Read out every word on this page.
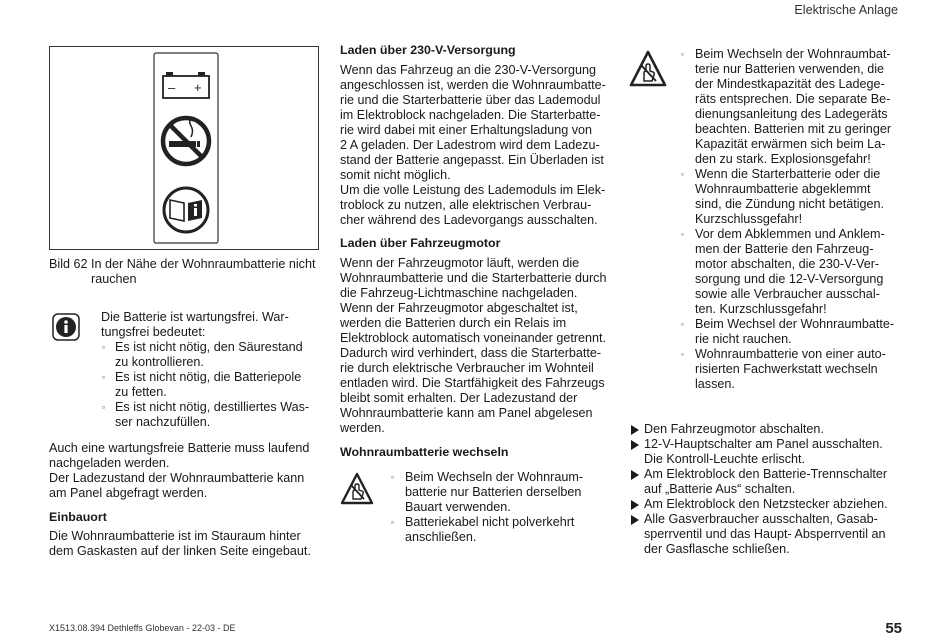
Elektrische Anlage
– +
Bild 62 In der Nähe der Wohnraumbatterie nicht
rauchen
Die Batterie ist wartungsfrei. War-
tungsfrei bedeutet:
▫ Es ist nicht nötig, den Säurestand
zu kontrollieren.
▫ Es ist nicht nötig, die Batteriepole
zu fetten.
▫ Es ist nicht nötig, destilliertes Was-
ser nachzufüllen.
Auch eine wartungsfreie Batterie muss laufend
nachgeladen werden.
Der Ladezustand der Wohnraumbatterie kann
am Panel abgefragt werden.
Einbauort
Die Wohnraumbatterie ist im Stauraum hinter
dem Gaskasten auf der linken Seite eingebaut.
Laden über 230-V-Versorgung
Wenn das Fahrzeug an die 230-V-Versorgung
angeschlossen ist, werden die Wohnraumbatte-
rie und die Starterbatterie über das Lademodul
im Elektroblock nachgeladen. Die Starterbatte-
rie wird dabei mit einer Erhaltungsladung von
2 A geladen. Der Ladestrom wird dem Ladezu-
stand der Batterie angepasst. Ein Überladen ist
somit nicht möglich.
Um die volle Leistung des Lademoduls im Elek-
troblock zu nutzen, alle elektrischen Verbrau-
cher während des Ladevorgangs ausschalten.
Laden über Fahrzeugmotor
Wenn der Fahrzeugmotor läuft, werden die
Wohnraumbatterie und die Starterbatterie durch
die Fahrzeug-Lichtmaschine nachgeladen.
Wenn der Fahrzeugmotor abgeschaltet ist,
werden die Batterien durch ein Relais im
Elektroblock automatisch voneinander getrennt.
Dadurch wird verhindert, dass die Starterbatte-
rie durch elektrische Verbraucher im Wohnteil
entladen wird. Die Startfähigkeit des Fahrzeugs
bleibt somit erhalten. Der Ladezustand der
Wohnraumbatterie kann am Panel abgelesen
werden.
Wohnraumbatterie wechseln
▫ Beim Wechseln der Wohnraum-
batterie nur Batterien derselben
Bauart verwenden.
▫ Batteriekabel nicht polverkehrt
anschließen.
▫ Beim Wechseln der Wohnraumbat-
terie nur Batterien verwenden, die
der Mindestkapazität des Ladege-
räts entsprechen. Die separate Be-
dienungsanleitung des Ladegeräts
beachten. Batterien mit zu geringer
Kapazität erwärmen sich beim La-
den zu stark. Explosionsgefahr!
▫ Wenn die Starterbatterie oder die
Wohnraumbatterie abgeklemmt
sind, die Zündung nicht betätigen.
Kurzschlussgefahr!
▫ Vor dem Abklemmen und Anklem-
men der Batterie den Fahrzeug-
motor abschalten, die 230-V-Ver-
sorgung und die 12-V-Versorgung
sowie alle Verbraucher ausschal-
ten. Kurzschlussgefahr!
▫ Beim Wechsel der Wohnraumbatte-
rie nicht rauchen.
▫ Wohnraumbatterie von einer auto-
risierten Fachwerkstatt wechseln
lassen.
Den Fahrzeugmotor abschalten.
12-V-Hauptschalter am Panel ausschalten.
Die Kontroll-Leuchte erlischt.
Am Elektroblock den Batterie-Trennschalter
auf „Batterie Aus“ schalten.
Am Elektroblock den Netzstecker abziehen.
Alle Gasverbraucher ausschalten, Gasab-
sperrventil und das Haupt- Absperrventil an
der Gasflasche schließen.
X1513.08.394 Dethleffs Globevan - 22-03 - DE	55
